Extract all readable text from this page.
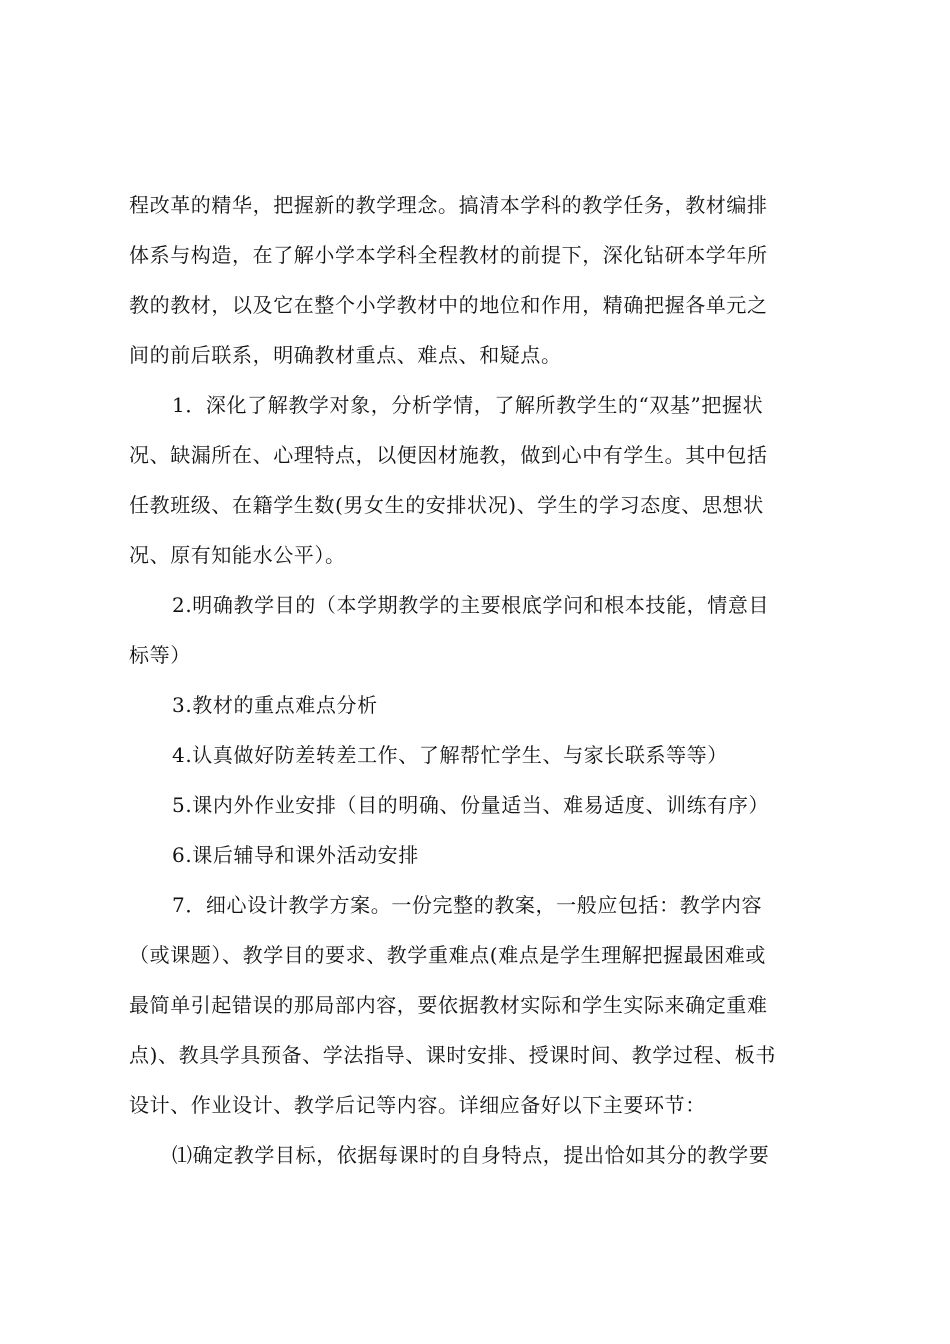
程改革的精华，把握新的教学理念。搞清本学科的教学任务，教材编排
体系与构造，在了解小学本学科全程教材的前提下，深化钻研本学年所
教的教材，以及它在整个小学教材中的地位和作用，精确把握各单元之
间的前后联系，明确教材重点、难点、和疑点。
1．深化了解教学对象，分析学情，了解所教学生的“双基”把握状
况、缺漏所在、心理特点，以便因材施教，做到心中有学生。其中包括
任教班级、在籍学生数(男女生的安排状况)、学生的学习态度、思想状
况、原有知能水公平）。
2.明确教学目的（本学期教学的主要根底学问和根本技能，情意目
标等）
3.教材的重点难点分析
4.认真做好防差转差工作、了解帮忙学生、与家长联系等等）
5.课内外作业安排（目的明确、份量适当、难易适度、训练有序）
6.课后辅导和课外活动安排
7．细心设计教学方案。一份完整的教案，一般应包括：教学内容
（或课题）、教学目的要求、教学重难点(难点是学生理解把握最困难或
最简单引起错误的那局部内容，要依据教材实际和学生实际来确定重难
点)、教具学具预备、学法指导、课时安排、授课时间、教学过程、板书
设计、作业设计、教学后记等内容。详细应备好以下主要环节：
⑴确定教学目标，依据每课时的自身特点，提出恰如其分的教学要
